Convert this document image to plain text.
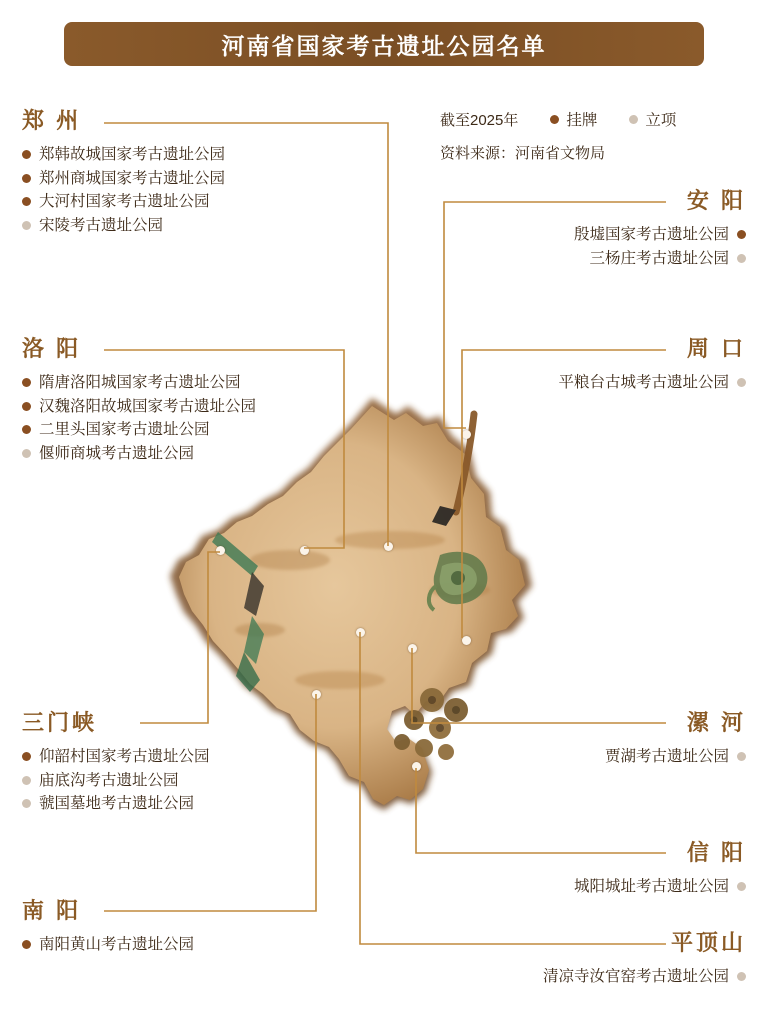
河南省国家考古遗址公园名单
截至2025年	挂牌	立项
资料来源：河南省文物局
郑 州
郑韩故城国家考古遗址公园
郑州商城国家考古遗址公园
大河村国家考古遗址公园
宋陵考古遗址公园
洛 阳
隋唐洛阳城国家考古遗址公园
汉魏洛阳故城国家考古遗址公园
二里头国家考古遗址公园
偃师商城考古遗址公园
三门峡
仰韶村国家考古遗址公园
庙底沟考古遗址公园
虢国墓地考古遗址公园
南 阳
南阳黄山考古遗址公园
安 阳
殷墟国家考古遗址公园
三杨庄考古遗址公园
周 口
平粮台古城考古遗址公园
漯 河
贾湖考古遗址公园
信 阳
城阳城址考古遗址公园
平顶山
清凉寺汝官窑考古遗址公园
